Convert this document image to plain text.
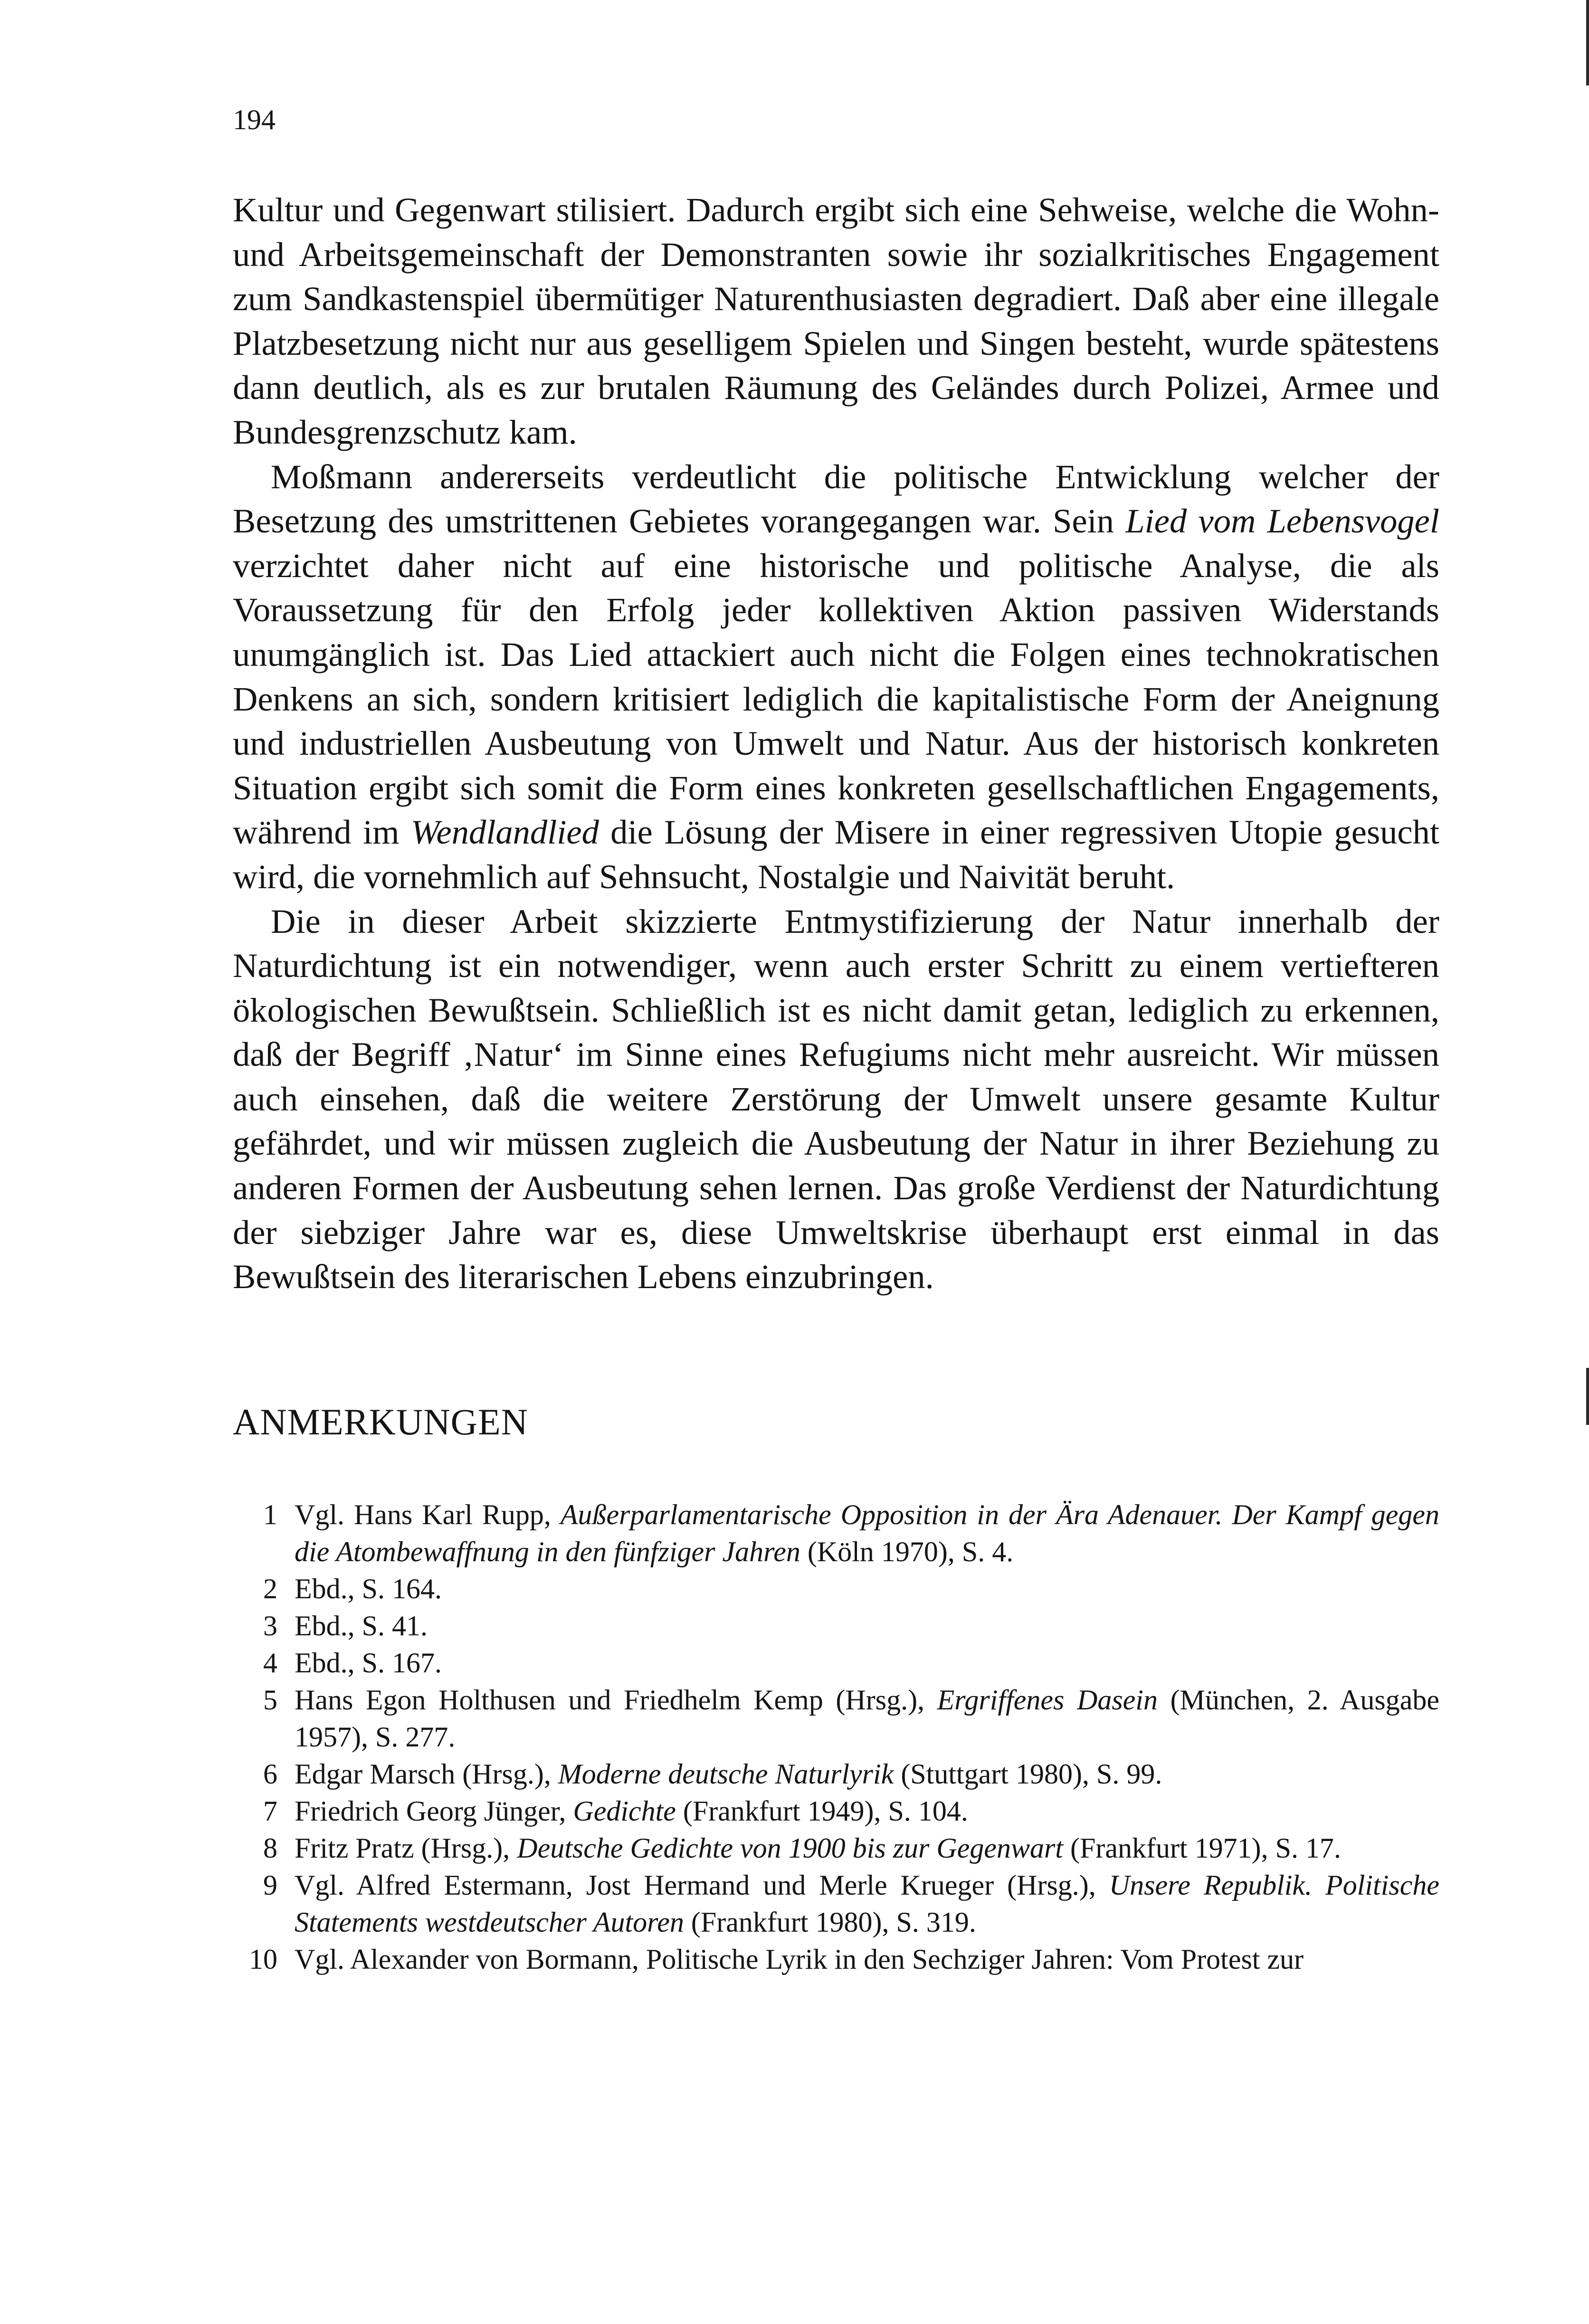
194

Kultur und Gegenwart stilisiert. Dadurch ergibt sich eine Sehweise, welche die Wohn- und Arbeitsgemeinschaft der Demonstranten sowie ihr sozialkritisches Engagement zum Sandkastenspiel übermütiger Naturenthusiasten degradiert. Daß aber eine illegale Platzbesetzung nicht nur aus geselligem Spielen und Singen besteht, wurde spätestens dann deutlich, als es zur brutalen Räumung des Geländes durch Polizei, Armee und Bundesgrenzschutz kam.

Moßmann andererseits verdeutlicht die politische Entwicklung welcher der Besetzung des umstrittenen Gebietes vorangegangen war. Sein Lied vom Lebensvogel verzichtet daher nicht auf eine historische und politische Analyse, die als Voraussetzung für den Erfolg jeder kollektiven Aktion passiven Widerstands unumgänglich ist. Das Lied attackiert auch nicht die Folgen eines technokratischen Denkens an sich, sondern kritisiert lediglich die kapitalistische Form der Aneignung und industriellen Ausbeutung von Umwelt und Natur. Aus der historisch konkreten Situation ergibt sich somit die Form eines konkreten gesellschaftlichen Engagements, während im Wendlandlied die Lösung der Misere in einer regressiven Utopie gesucht wird, die vornehmlich auf Sehnsucht, Nostalgie und Naivität beruht.

Die in dieser Arbeit skizzierte Entmystifizierung der Natur innerhalb der Naturdichtung ist ein notwendiger, wenn auch erster Schritt zu einem vertiefteren ökologischen Bewußtsein. Schließlich ist es nicht damit getan, lediglich zu erkennen, daß der Begriff ‚Natur‘ im Sinne eines Refugiums nicht mehr ausreicht. Wir müssen auch einsehen, daß die weitere Zerstörung der Umwelt unsere gesamte Kultur gefährdet, und wir müssen zugleich die Ausbeutung der Natur in ihrer Beziehung zu anderen Formen der Ausbeutung sehen lernen. Das große Verdienst der Naturdichtung der siebziger Jahre war es, diese Umweltskrise überhaupt erst einmal in das Bewußtsein des literarischen Lebens einzubringen.

ANMERKUNGEN
1 Vgl. Hans Karl Rupp, Außerparlamentarische Opposition in der Ära Adenauer. Der Kampf gegen die Atombewaffnung in den fünfziger Jahren (Köln 1970), S. 4.
2 Ebd., S. 164.
3 Ebd., S. 41.
4 Ebd., S. 167.
5 Hans Egon Holthusen und Friedhelm Kemp (Hrsg.), Ergriffenes Dasein (München, 2. Ausgabe 1957), S. 277.
6 Edgar Marsch (Hrsg.), Moderne deutsche Naturlyrik (Stuttgart 1980), S. 99.
7 Friedrich Georg Jünger, Gedichte (Frankfurt 1949), S. 104.
8 Fritz Pratz (Hrsg.), Deutsche Gedichte von 1900 bis zur Gegenwart (Frankfurt 1971), S. 17.
9 Vgl. Alfred Estermann, Jost Hermand und Merle Krueger (Hrsg.), Unsere Republik. Politische Statements westdeutscher Autoren (Frankfurt 1980), S. 319.
10 Vgl. Alexander von Bormann, Politische Lyrik in den Sechziger Jahren: Vom Protest zur
